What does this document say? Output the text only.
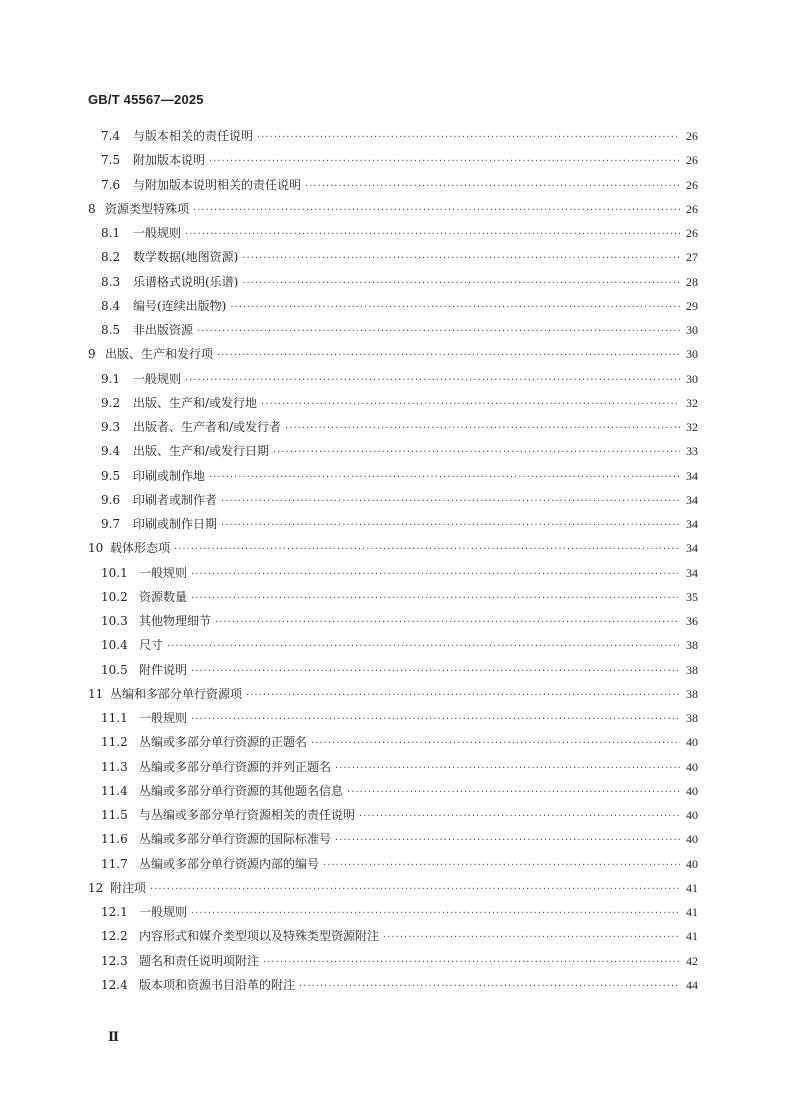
GB/T 45567—2025
7.4	与版本相关的责任说明 ·····	26
7.5	附加版本说明 ·····	26
7.6	与附加版本说明相关的责任说明 ·····	26
8 资源类型特殊项 ·····	26
8.1	一般规则 ·····	26
8.2	数学数据(地图资源) ·····	27
8.3	乐谱格式说明(乐谱) ·····	28
8.4	编号(连续出版物) ·····	29
8.5	非出版资源 ·····	30
9 出版、生产和发行项 ·····	30
9.1	一般规则 ·····	30
9.2	出版、生产和/或发行地 ·····	32
9.3	出版者、生产者和/或发行者 ·····	32
9.4	出版、生产和/或发行日期 ·····	33
9.5	印刷或制作地 ·····	34
9.6	印刷者或制作者 ·····	34
9.7	印刷或制作日期 ·····	34
10 载体形态项 ·····	34
10.1 一般规则 ·····	34
10.2 资源数量 ·····	35
10.3 其他物理细节 ·····	36
10.4 尺寸 ·····	38
10.5 附件说明 ·····	38
11 丛编和多部分单行资源项 ·····	38
11.1 一般规则 ·····	38
11.2 丛编或多部分单行资源的正题名 ·····	40
11.3 丛编或多部分单行资源的并列正题名 ·····	40
11.4 丛编或多部分单行资源的其他题名信息 ·····	40
11.5 与丛编或多部分单行资源相关的责任说明 ·····	40
11.6 丛编或多部分单行资源的国际标准号 ·····	40
11.7 丛编或多部分单行资源内部的编号 ·····	40
12 附注项 ·····	41
12.1 一般规则 ·····	41
12.2 内容形式和媒介类型项以及特殊类型资源附注 ·····	41
12.3 题名和责任说明项附注 ·····	42
12.4 版本项和资源书目沿革的附注 ·····	44
Ⅱ
